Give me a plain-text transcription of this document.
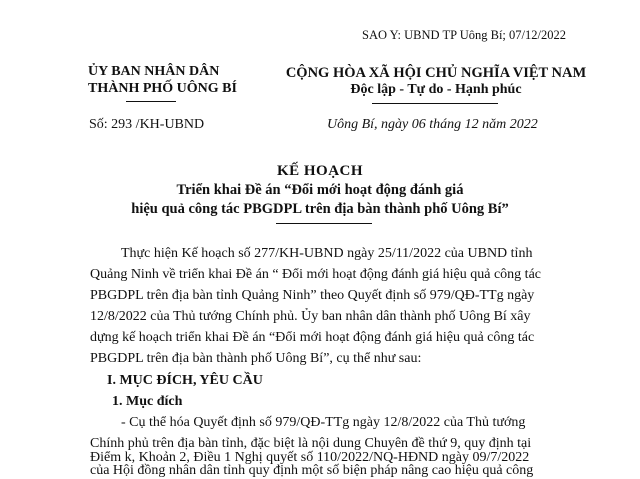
SAO Y: UBND TP Uông Bí; 07/12/2022
ỦY BAN NHÂN DÂN
THÀNH PHỐ UÔNG BÍ
CỘNG HÒA XÃ HỘI CHỦ NGHĨA VIỆT NAM
Độc lập - Tự do - Hạnh phúc
Số: 293 /KH-UBND	Uông Bí, ngày 06 tháng 12 năm 2022
KẾ HOẠCH
Triển khai Đề án “Đổi mới hoạt động đánh giá
hiệu quả công tác PBGDPL trên địa bàn thành phố Uông Bí”
Thực hiện Kế hoạch số 277/KH-UBND ngày 25/11/2022 của UBND tỉnh
Quảng Ninh về triển khai Đề án “ Đổi mới hoạt động đánh giá hiệu quả công tác
PBGDPL trên địa bàn tỉnh Quảng Ninh” theo Quyết định số 979/QĐ-TTg ngày
12/8/2022 của Thủ tướng Chính phủ. Ủy ban nhân dân thành phố Uông Bí xây
dựng kế hoạch triển khai Đề án “Đổi mới hoạt động đánh giá hiệu quả công tác
PBGDPL trên địa bàn thành phố Uông Bí”, cụ thể như sau:
I. MỤC ĐÍCH, YÊU CẦU
1. Mục đích
- Cụ thể hóa Quyết định số 979/QĐ-TTg ngày 12/8/2022 của Thủ tướng
Chính phủ trên địa bàn tỉnh, đặc biệt là nội dung Chuyên đề thứ 9, quy định tại
Điểm k, Khoản 2, Điều 1 Nghị quyết số 110/2022/NQ-HĐND ngày 09/7/2022
của Hội đồng nhân dân tỉnh quy định một số biện pháp nâng cao hiệu quả công
